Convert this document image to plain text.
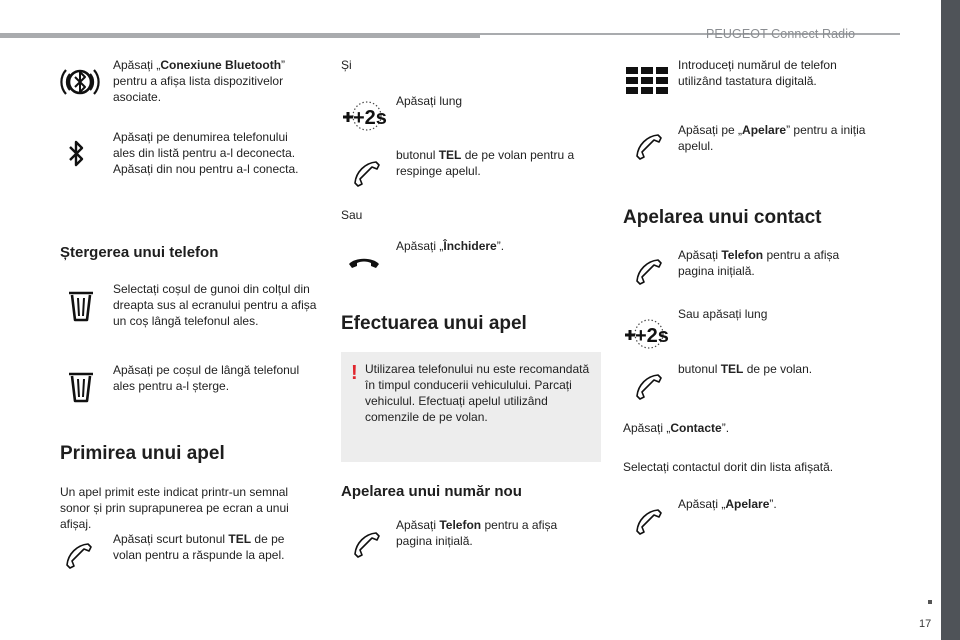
PEUGEOT Connect Radio
17
Apăsați „Conexiune Bluetooth” pentru a afișa lista dispozitivelor asociate.
Apăsați pe denumirea telefonului ales din listă pentru a-l deconecta. Apăsați din nou pentru a-l conecta.
Ștergerea unui telefon
Selectați coșul de gunoi din colțul din dreapta sus al ecranului pentru a afișa un coș lângă telefonul ales.
Apăsați pe coșul de lângă telefonul ales pentru a-l șterge.
Primirea unui apel
Un apel primit este indicat printr-un semnal sonor și prin suprapunerea pe ecran a unui afișaj.
Apăsați scurt butonul TEL de pe volan pentru a răspunde la apel.
Și
+2s
Apăsați lung
butonul TEL de pe volan pentru a respinge apelul.
Sau
Apăsați „Închidere”.
Efectuarea unui apel
! Utilizarea telefonului nu este recomandată în timpul conducerii vehiculului. Parcați vehiculul. Efectuați apelul utilizând comenzile de pe volan.
Apelarea unui număr nou
Apăsați Telefon pentru a afișa pagina inițială.
Introduceți numărul de telefon utilizând tastatura digitală.
Apăsați pe „Apelare” pentru a iniția apelul.
Apelarea unui contact
Apăsați Telefon pentru a afișa pagina inițială.
+2s
Sau apăsați lung
butonul TEL de pe volan.
Apăsați „Contacte”.
Selectați contactul dorit din lista afișată.
Apăsați „Apelare”.
